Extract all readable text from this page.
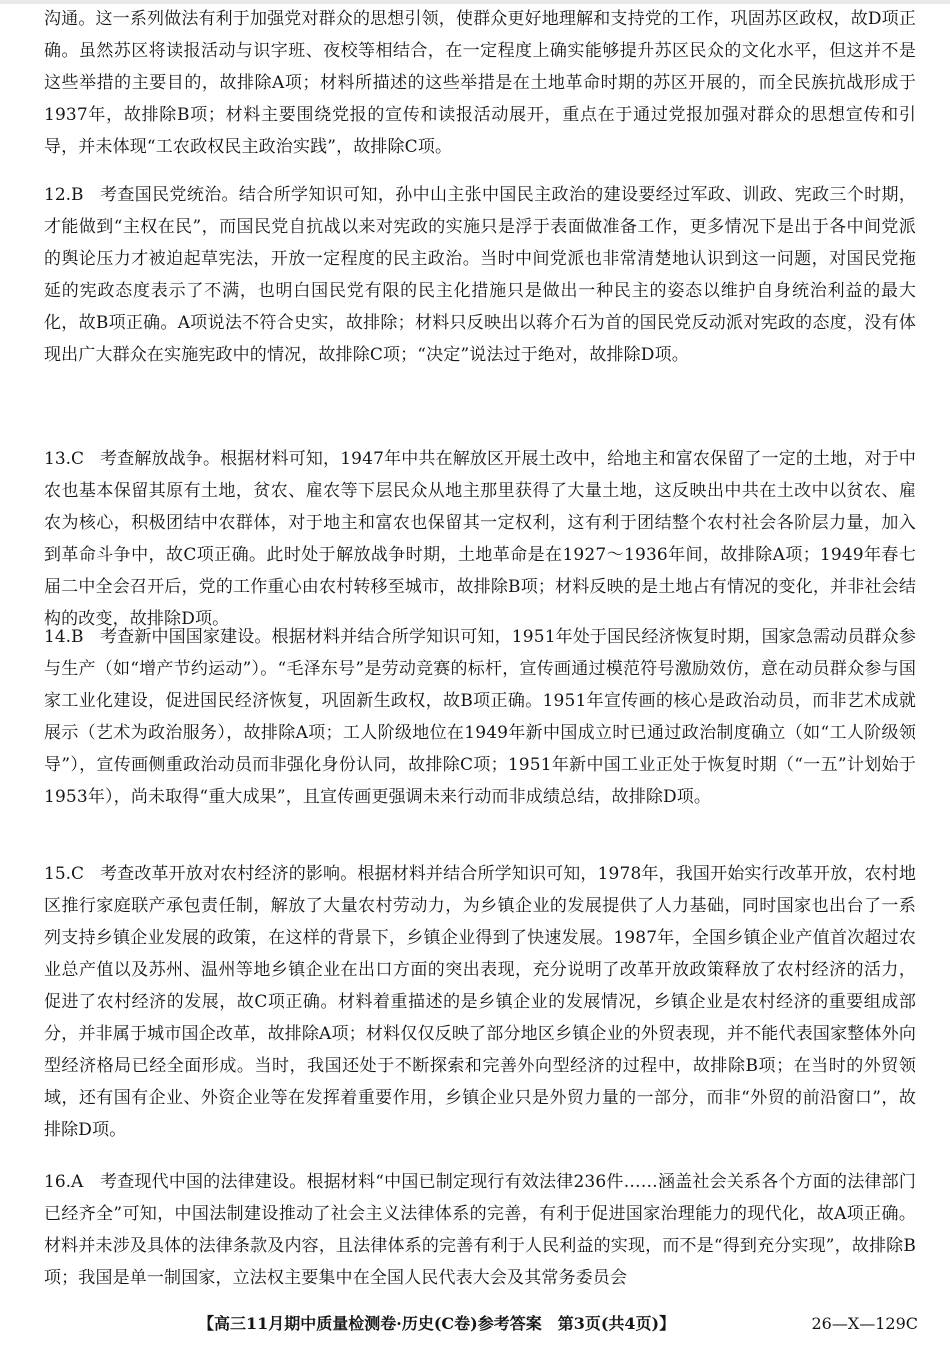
沟通。这一系列做法有利于加强党对群众的思想引领，使群众更好地理解和支持党的工作，巩固苏区政权，故D项正确。虽然苏区将读报活动与识字班、夜校等相结合，在一定程度上确实能够提升苏区民众的文化水平，但这并不是这些举措的主要目的，故排除A项；材料所描述的这些举措是在土地革命时期的苏区开展的，而全民族抗战形成于1937年，故排除B项；材料主要围绕党报的宣传和读报活动展开，重点在于通过党报加强对群众的思想宣传和引导，并未体现“工农政权民主政治实践”，故排除C项。

12.B 考查国民党统治。结合所学知识可知，孙中山主张中国民主政治的建设要经过军政、训政、宪政三个时期，才能做到“主权在民”，而国民党自抗战以来对宪政的实施只是浮于表面做准备工作，更多情况下是出于各中间党派的舆论压力才被迫起草宪法，开放一定程度的民主政治。当时中间党派也非常清楚地认识到这一问题，对国民党拖延的宪政态度表示了不满，也明白国民党有限的民主化措施只是做出一种民主的姿态以维护自身统治利益的最大化，故B项正确。A项说法不符合史实，故排除；材料只反映出以蒋介石为首的国民党反动派对宪政的态度，没有体现出广大群众在实施宪政中的情况，故排除C项；“决定”说法过于绝对，故排除D项。

13.C 考查解放战争。根据材料可知，1947年中共在解放区开展土改中，给地主和富农保留了一定的土地，对于中农也基本保留其原有土地，贫农、雇农等下层民众从地主那里获得了大量土地，这反映出中共在土改中以贫农、雇农为核心，积极团结中农群体，对于地主和富农也保留其一定权利，这有利于团结整个农村社会各阶层力量，加入到革命斗争中，故C项正确。此时处于解放战争时期，土地革命是在1927～1936年间，故排除A项；1949年春七届二中全会召开后，党的工作重心由农村转移至城市，故排除B项；材料反映的是土地占有情况的变化，并非社会结构的改变，故排除D项。

14.B 考查新中国国家建设。根据材料并结合所学知识可知，1951年处于国民经济恢复时期，国家急需动员群众参与生产（如“增产节约运动”）。“毛泽东号”是劳动竞赛的标杆，宣传画通过模范符号激励效仿，意在动员群众参与国家工业化建设，促进国民经济恢复，巩固新生政权，故B项正确。1951年宣传画的核心是政治动员，而非艺术成就展示（艺术为政治服务），故排除A项；工人阶级地位在1949年新中国成立时已通过政治制度确立（如“工人阶级领导”），宣传画侧重政治动员而非强化身份认同，故排除C项；1951年新中国工业正处于恢复时期（“一五”计划始于1953年），尚未取得“重大成果”，且宣传画更强调未来行动而非成绩总结，故排除D项。

15.C 考查改革开放对农村经济的影响。根据材料并结合所学知识可知，1978年，我国开始实行改革开放，农村地区推行家庭联产承包责任制，解放了大量农村劳动力，为乡镇企业的发展提供了人力基础，同时国家也出台了一系列支持乡镇企业发展的政策，在这样的背景下，乡镇企业得到了快速发展。1987年，全国乡镇企业产值首次超过农业总产值以及苏州、温州等地乡镇企业在出口方面的突出表现，充分说明了改革开放政策释放了农村经济的活力，促进了农村经济的发展，故C项正确。材料着重描述的是乡镇企业的发展情况，乡镇企业是农村经济的重要组成部分，并非属于城市国企改革，故排除A项；材料仅仅反映了部分地区乡镇企业的外贸表现，并不能代表国家整体外向型经济格局已经全面形成。当时，我国还处于不断探索和完善外向型经济的过程中，故排除B项；在当时的外贸领域，还有国有企业、外资企业等在发挥着重要作用，乡镇企业只是外贸力量的一部分，而非“外贸的前沿窗口”，故排除D项。

16.A 考查现代中国的法律建设。根据材料“中国已制定现行有效法律236件……涵盖社会关系各个方面的法律部门已经齐全”可知，中国法制建设推动了社会主义法律体系的完善，有利于促进国家治理能力的现代化，故A项正确。材料并未涉及具体的法律条款及内容，且法律体系的完善有利于人民利益的实现，而不是“得到充分实现”，故排除B项；我国是单一制国家，立法权主要集中在全国人民代表大会及其常务委员会

【高三11月期中质量检测卷·历史(C卷)参考答案　第3页(共4页)】	26—X—129C
